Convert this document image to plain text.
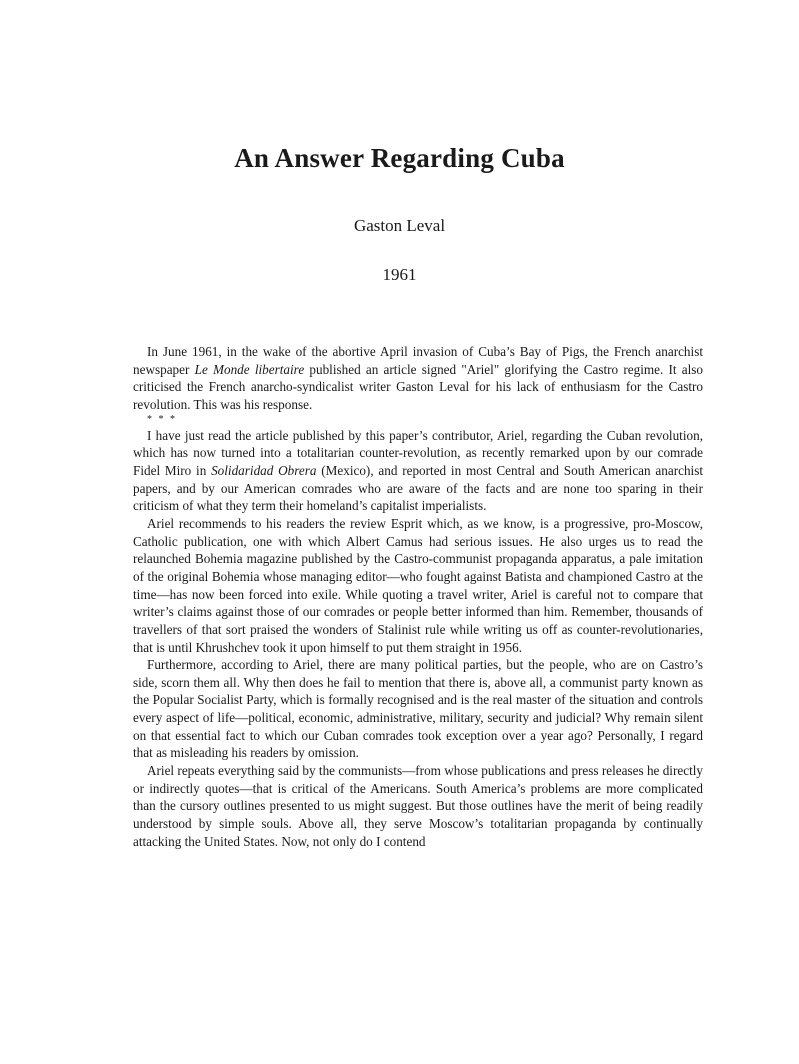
An Answer Regarding Cuba
Gaston Leval
1961

In June 1961, in the wake of the abortive April invasion of Cuba’s Bay of Pigs, the French anarchist newspaper Le Monde libertaire published an article signed "Ariel" glorifying the Castro regime. It also criticised the French anarcho-syndicalist writer Gaston Leval for his lack of enthusiasm for the Castro revolution. This was his response.

* * *

I have just read the article published by this paper’s contributor, Ariel, regarding the Cuban revolution, which has now turned into a totalitarian counter-revolution, as recently remarked upon by our comrade Fidel Miro in Solidaridad Obrera (Mexico), and reported in most Central and South American anarchist papers, and by our American comrades who are aware of the facts and are none too sparing in their criticism of what they term their homeland’s capitalist imperialists.

Ariel recommends to his readers the review Esprit which, as we know, is a progressive, pro-Moscow, Catholic publication, one with which Albert Camus had serious issues. He also urges us to read the relaunched Bohemia magazine published by the Castro-communist propaganda apparatus, a pale imitation of the original Bohemia whose managing editor—who fought against Batista and championed Castro at the time—has now been forced into exile. While quoting a travel writer, Ariel is careful not to compare that writer’s claims against those of our comrades or people better informed than him. Remember, thousands of travellers of that sort praised the wonders of Stalinist rule while writing us off as counter-revolutionaries, that is until Khrushchev took it upon himself to put them straight in 1956.

Furthermore, according to Ariel, there are many political parties, but the people, who are on Castro’s side, scorn them all. Why then does he fail to mention that there is, above all, a communist party known as the Popular Socialist Party, which is formally recognised and is the real master of the situation and controls every aspect of life—political, economic, administrative, military, security and judicial? Why remain silent on that essential fact to which our Cuban comrades took exception over a year ago? Personally, I regard that as misleading his readers by omission.

Ariel repeats everything said by the communists—from whose publications and press releases he directly or indirectly quotes—that is critical of the Americans. South America’s problems are more complicated than the cursory outlines presented to us might suggest. But those outlines have the merit of being readily understood by simple souls. Above all, they serve Moscow’s totalitarian propaganda by continually attacking the United States. Now, not only do I contend
